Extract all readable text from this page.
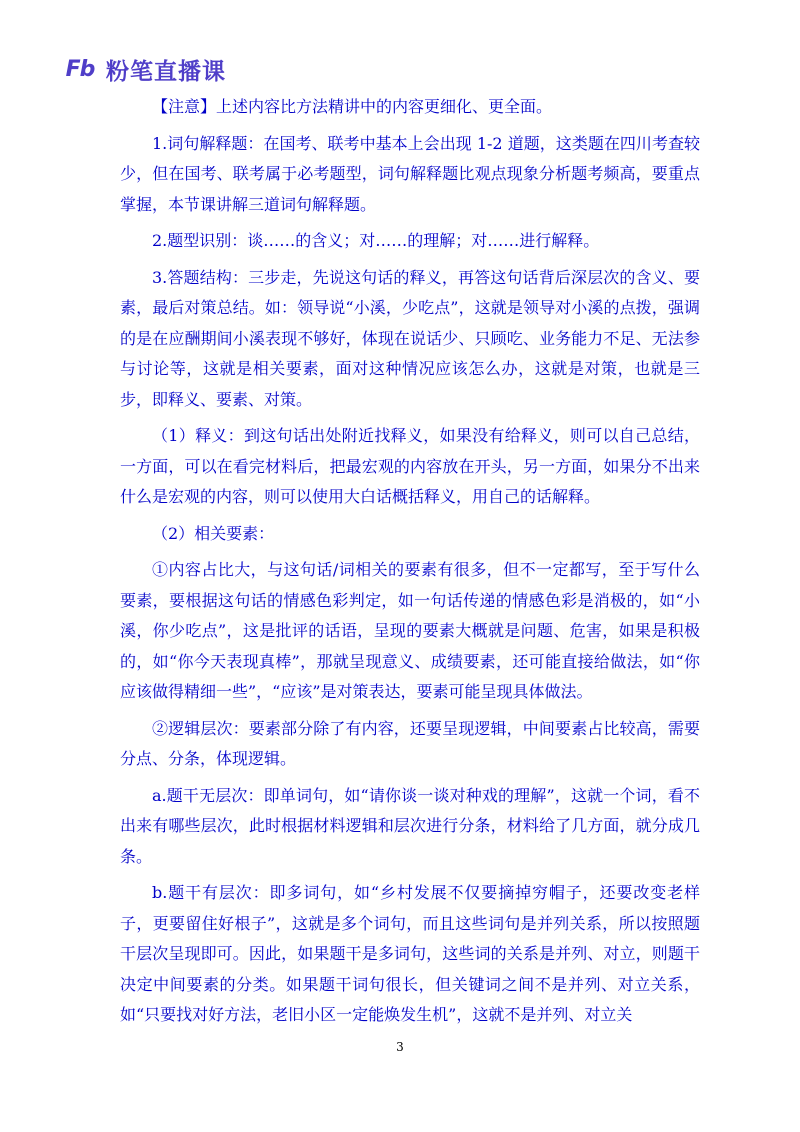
Fb 粉笔直播课

【注意】上述内容比方法精讲中的内容更细化、更全面。

1.词句解释题：在国考、联考中基本上会出现 1-2 道题，这类题在四川考查较少，但在国考、联考属于必考题型，词句解释题比观点现象分析题考频高，要重点掌握，本节课讲解三道词句解释题。

2.题型识别：谈……的含义；对……的理解；对……进行解释。

3.答题结构：三步走，先说这句话的释义，再答这句话背后深层次的含义、要素，最后对策总结。如：领导说“小溪，少吃点”，这就是领导对小溪的点拨，强调的是在应酬期间小溪表现不够好，体现在说话少、只顾吃、业务能力不足、无法参与讨论等，这就是相关要素，面对这种情况应该怎么办，这就是对策，也就是三步，即释义、要素、对策。

（1）释义：到这句话出处附近找释义，如果没有给释义，则可以自己总结，一方面，可以在看完材料后，把最宏观的内容放在开头，另一方面，如果分不出来什么是宏观的内容，则可以使用大白话概括释义，用自己的话解释。

（2）相关要素：

①内容占比大，与这句话/词相关的要素有很多，但不一定都写，至于写什么要素，要根据这句话的情感色彩判定，如一句话传递的情感色彩是消极的，如“小溪，你少吃点”，这是批评的话语，呈现的要素大概就是问题、危害，如果是积极的，如“你今天表现真棒”，那就呈现意义、成绩要素，还可能直接给做法，如“你应该做得精细一些”，“应该”是对策表达，要素可能呈现具体做法。

②逻辑层次：要素部分除了有内容，还要呈现逻辑，中间要素占比较高，需要分点、分条，体现逻辑。

a.题干无层次：即单词句，如“请你谈一谈对种戏的理解”，这就一个词，看不出来有哪些层次，此时根据材料逻辑和层次进行分条，材料给了几方面，就分成几条。

b.题干有层次：即多词句，如“乡村发展不仅要摘掉穷帽子，还要改变老样子，更要留住好根子”，这就是多个词句，而且这些词句是并列关系，所以按照题干层次呈现即可。因此，如果题干是多词句，这些词的关系是并列、对立，则题干决定中间要素的分类。如果题干词句很长，但关键词之间不是并列、对立关系，如“只要找对好方法，老旧小区一定能焕发生机”，这就不是并列、对立关

3
